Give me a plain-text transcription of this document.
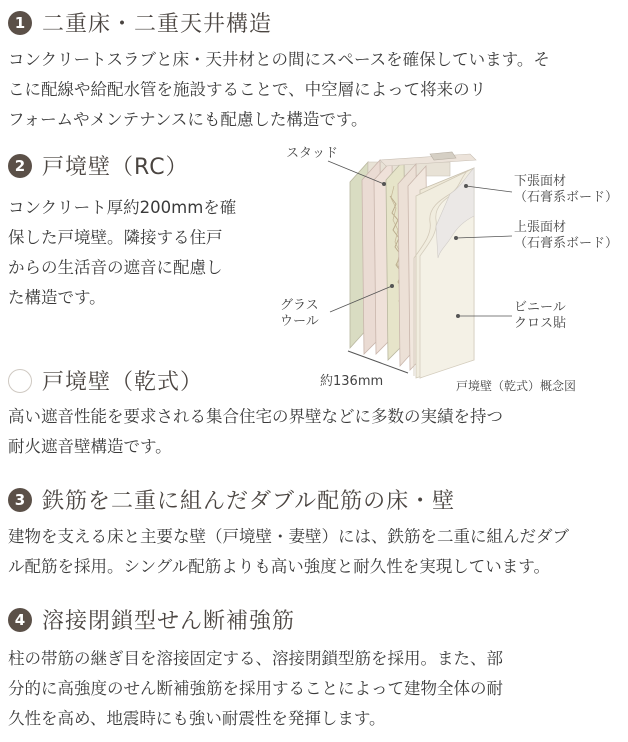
1 二重床・二重天井構造
コンクリートスラブと床・天井材との間にスペースを確保しています。そ
こに配線や給配水管を施設することで、中空層によって将来のリ
フォームやメンテナンスにも配慮した構造です。
2 戸境壁（RC）
コンクリート厚約200mmを確
保した戸境壁。隣接する住戸
からの生活音の遮音に配慮し
た構造です。
スタッド
下張面材
（石膏系ボード）
上張面材
（石膏系ボード）
グラス
ウール
ビニール
クロス貼
約136mm	戸境壁（乾式）概念図
戸境壁（乾式）
高い遮音性能を要求される集合住宅の界壁などに多数の実績を持つ
耐火遮音壁構造です。
3 鉄筋を二重に組んだダブル配筋の床・壁
建物を支える床と主要な壁（戸境壁・妻壁）には、鉄筋を二重に組んだダブ
ル配筋を採用。シングル配筋よりも高い強度と耐久性を実現しています。
4 溶接閉鎖型せん断補強筋
柱の帯筋の継ぎ目を溶接固定する、溶接閉鎖型筋を採用。また、部
分的に高強度のせん断補強筋を採用することによって建物全体の耐
久性を高め、地震時にも強い耐震性を発揮します。
